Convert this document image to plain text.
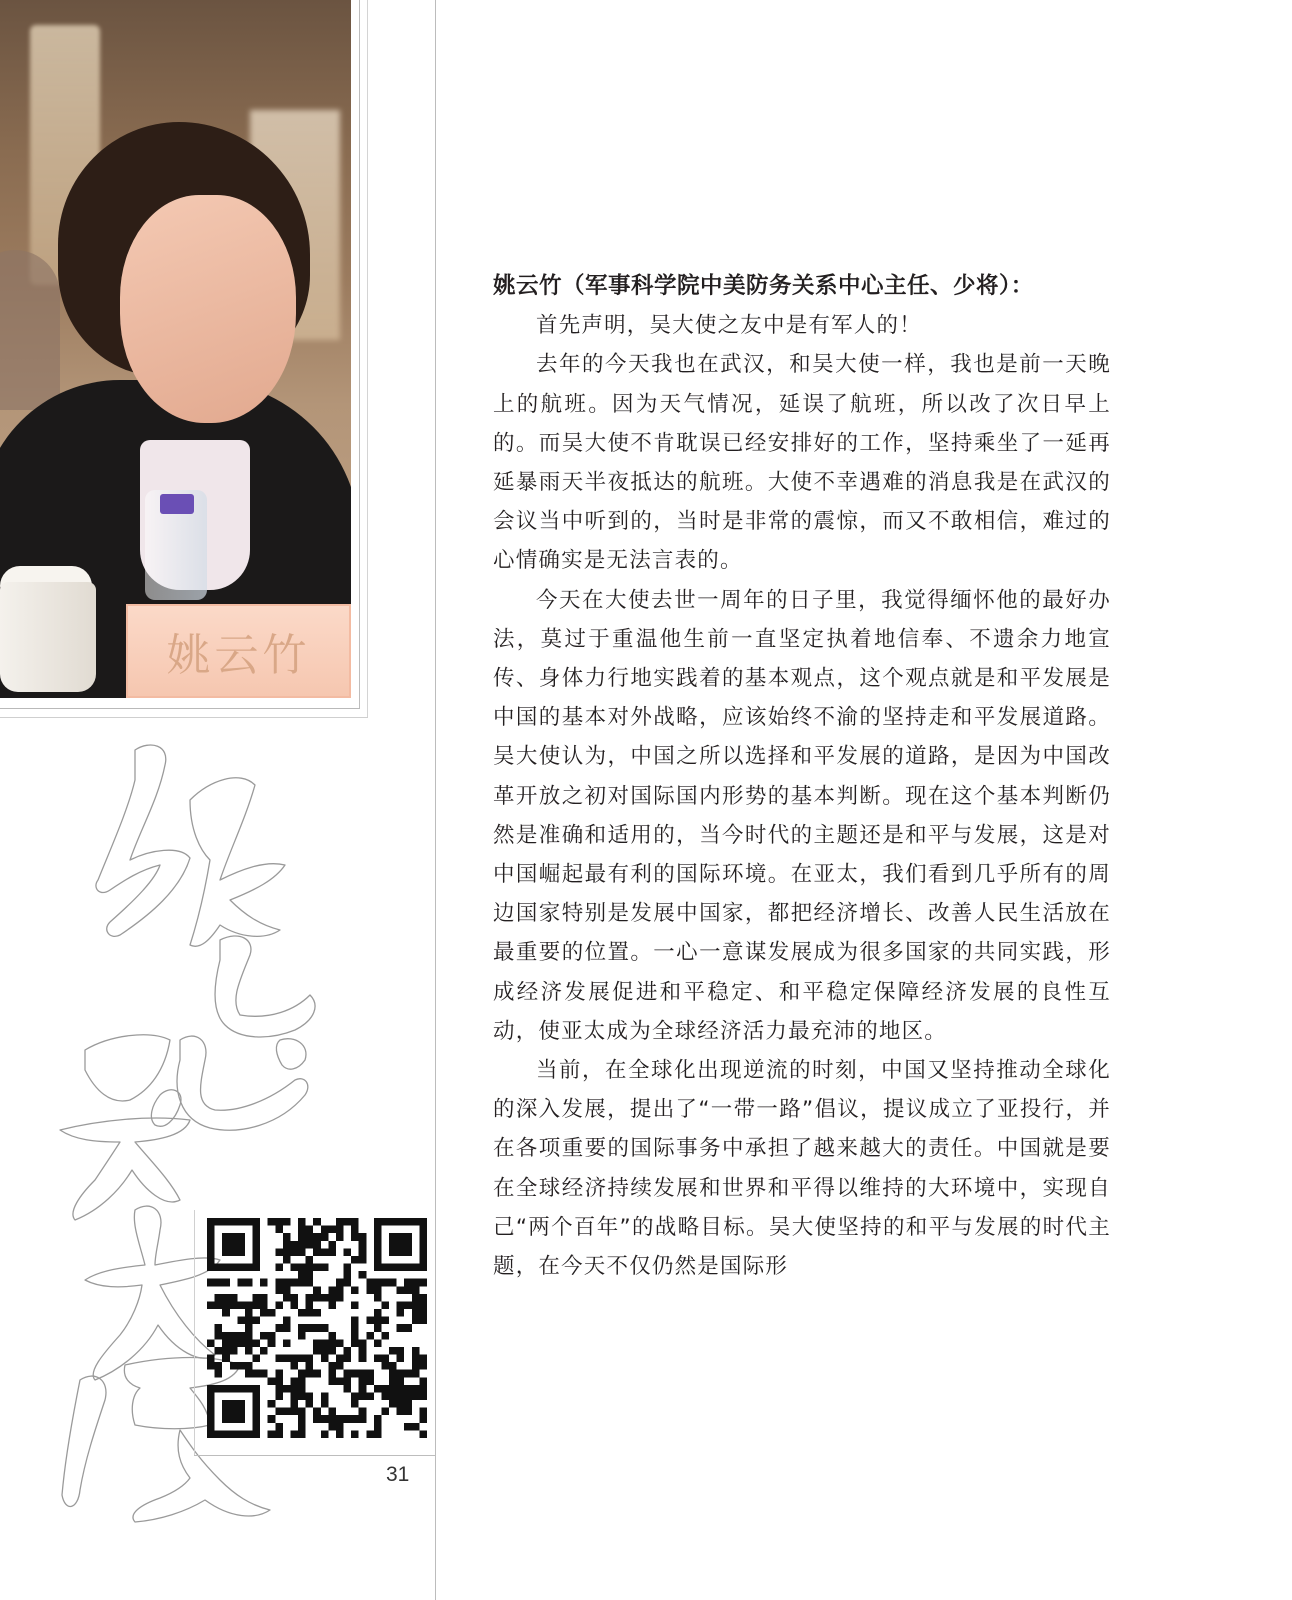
姚云竹
31
姚云竹（军事科学院中美防务关系中心主任、少将）：

首先声明，吴大使之友中是有军人的！

去年的今天我也在武汉，和吴大使一样，我也是前一天晚上的航班。因为天气情况，延误了航班，所以改了次日早上的。而吴大使不肯耽误已经安排好的工作，坚持乘坐了一延再延暴雨天半夜抵达的航班。大使不幸遇难的消息我是在武汉的会议当中听到的，当时是非常的震惊，而又不敢相信，难过的心情确实是无法言表的。

今天在大使去世一周年的日子里，我觉得缅怀他的最好办法，莫过于重温他生前一直坚定执着地信奉、不遗余力地宣传、身体力行地实践着的基本观点，这个观点就是和平发展是中国的基本对外战略，应该始终不渝的坚持走和平发展道路。吴大使认为，中国之所以选择和平发展的道路，是因为中国改革开放之初对国际国内形势的基本判断。现在这个基本判断仍然是准确和适用的，当今时代的主题还是和平与发展，这是对中国崛起最有利的国际环境。在亚太，我们看到几乎所有的周边国家特别是发展中国家，都把经济增长、改善人民生活放在最重要的位置。一心一意谋发展成为很多国家的共同实践，形成经济发展促进和平稳定、和平稳定保障经济发展的良性互动，使亚太成为全球经济活力最充沛的地区。

当前，在全球化出现逆流的时刻，中国又坚持推动全球化的深入发展，提出了“一带一路”倡议，提议成立了亚投行，并在各项重要的国际事务中承担了越来越大的责任。中国就是要在全球经济持续发展和世界和平得以维持的大环境中，实现自己“两个百年”的战略目标。吴大使坚持的和平与发展的时代主题，在今天不仅仍然是国际形
